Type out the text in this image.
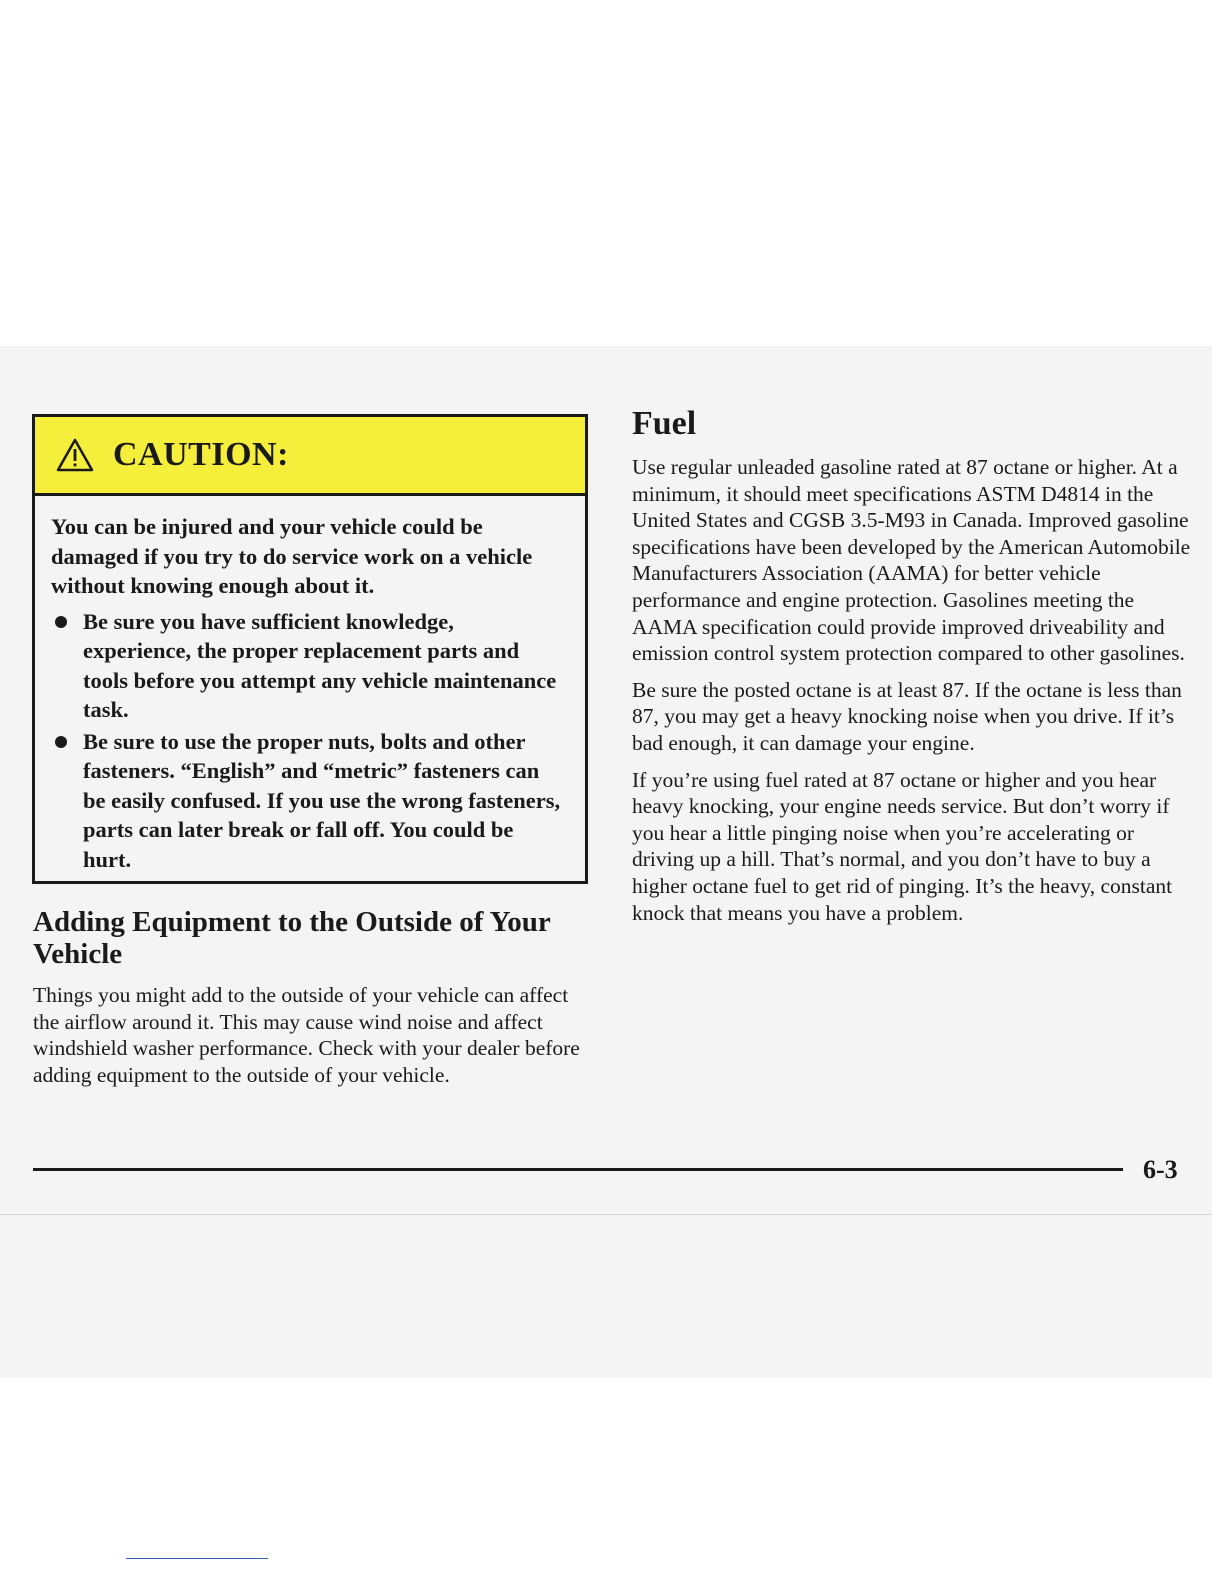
CAUTION:

You can be injured and your vehicle could be damaged if you try to do service work on a vehicle without knowing enough about it.

Be sure you have sufficient knowledge, experience, the proper replacement parts and tools before you attempt any vehicle maintenance task.
Be sure to use the proper nuts, bolts and other fasteners. “English” and “metric” fasteners can be easily confused. If you use the wrong fasteners, parts can later break or fall off. You could be hurt.
Adding Equipment to the Outside of Your Vehicle

Things you might add to the outside of your vehicle can affect the airflow around it. This may cause wind noise and affect windshield washer performance. Check with your dealer before adding equipment to the outside of your vehicle.

Fuel

Use regular unleaded gasoline rated at 87 octane or higher. At a minimum, it should meet specifications ASTM D4814 in the United States and CGSB 3.5-M93 in Canada. Improved gasoline specifications have been developed by the American Automobile Manufacturers Association (AAMA) for better vehicle performance and engine protection. Gasolines meeting the AAMA specification could provide improved driveability and emission control system protection compared to other gasolines.

Be sure the posted octane is at least 87. If the octane is less than 87, you may get a heavy knocking noise when you drive. If it’s bad enough, it can damage your engine.

If you’re using fuel rated at 87 octane or higher and you hear heavy knocking, your engine needs service. But don’t worry if you hear a little pinging noise when you’re accelerating or driving up a hill. That’s normal, and you don’t have to buy a higher octane fuel to get rid of pinging. It’s the heavy, constant knock that means you have a problem.

6-3
